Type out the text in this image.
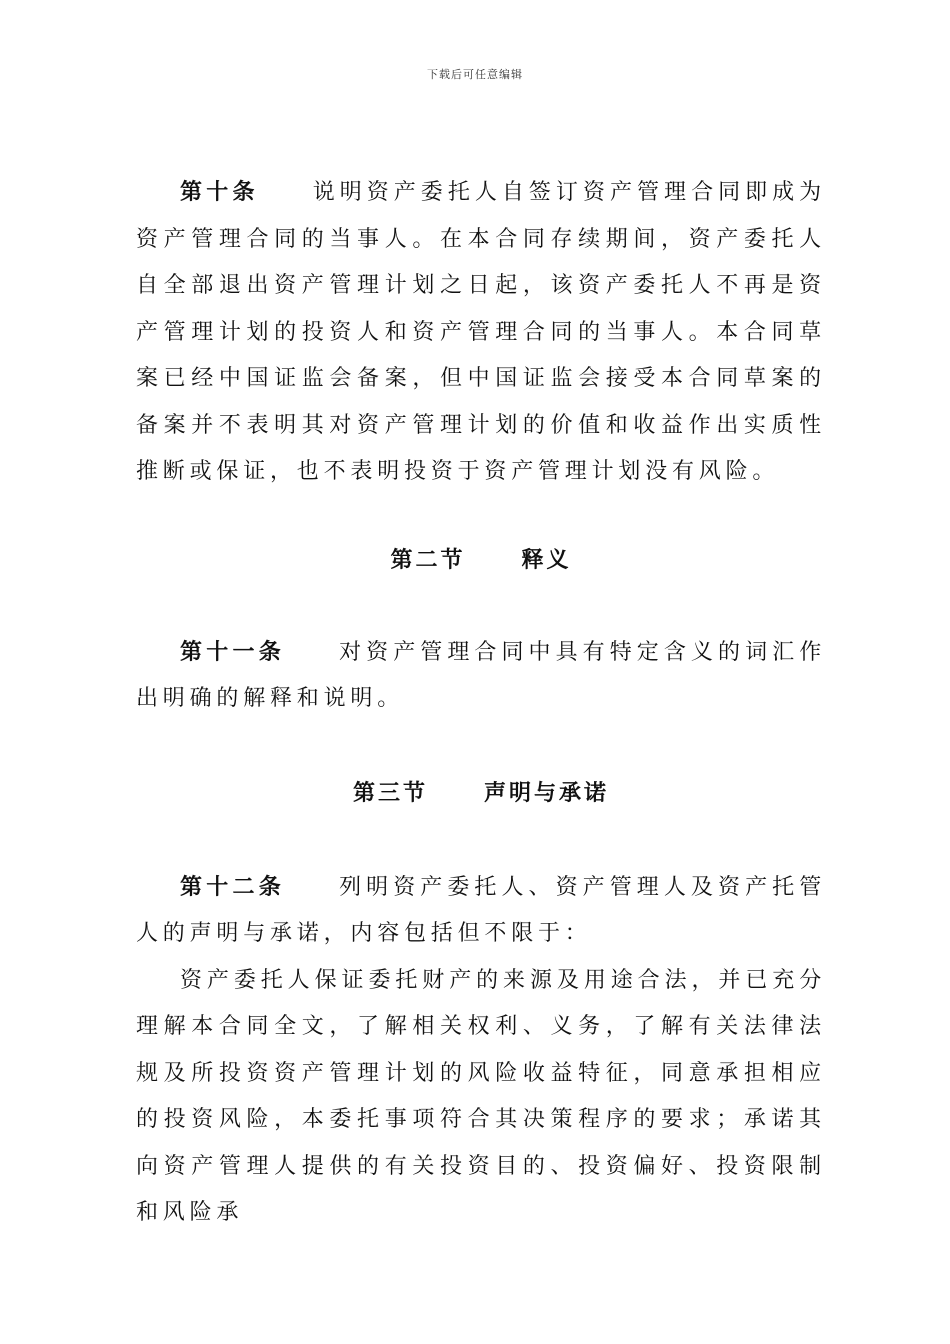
下载后可任意编辑

第十条 说明资产委托人自签订资产管理合同即成为资产管理合同的当事人。在本合同存续期间，资产委托人自全部退出资产管理计划之日起，该资产委托人不再是资产管理计划的投资人和资产管理合同的当事人。本合同草案已经中国证监会备案，但中国证监会接受本合同草案的备案并不表明其对资产管理计划的价值和收益作出实质性推断或保证，也不表明投资于资产管理计划没有风险。

第二节	释义

第十一条 对资产管理合同中具有特定含义的词汇作出明确的解释和说明。

第三节	声明与承诺

第十二条 列明资产委托人、资产管理人及资产托管人的声明与承诺，内容包括但不限于：

资产委托人保证委托财产的来源及用途合法，并已充分理解本合同全文，了解相关权利、义务，了解有关法律法规及所投资资产管理计划的风险收益特征，同意承担相应的投资风险，本委托事项符合其决策程序的要求；承诺其向资产管理人提供的有关投资目的、投资偏好、投资限制和风险承
